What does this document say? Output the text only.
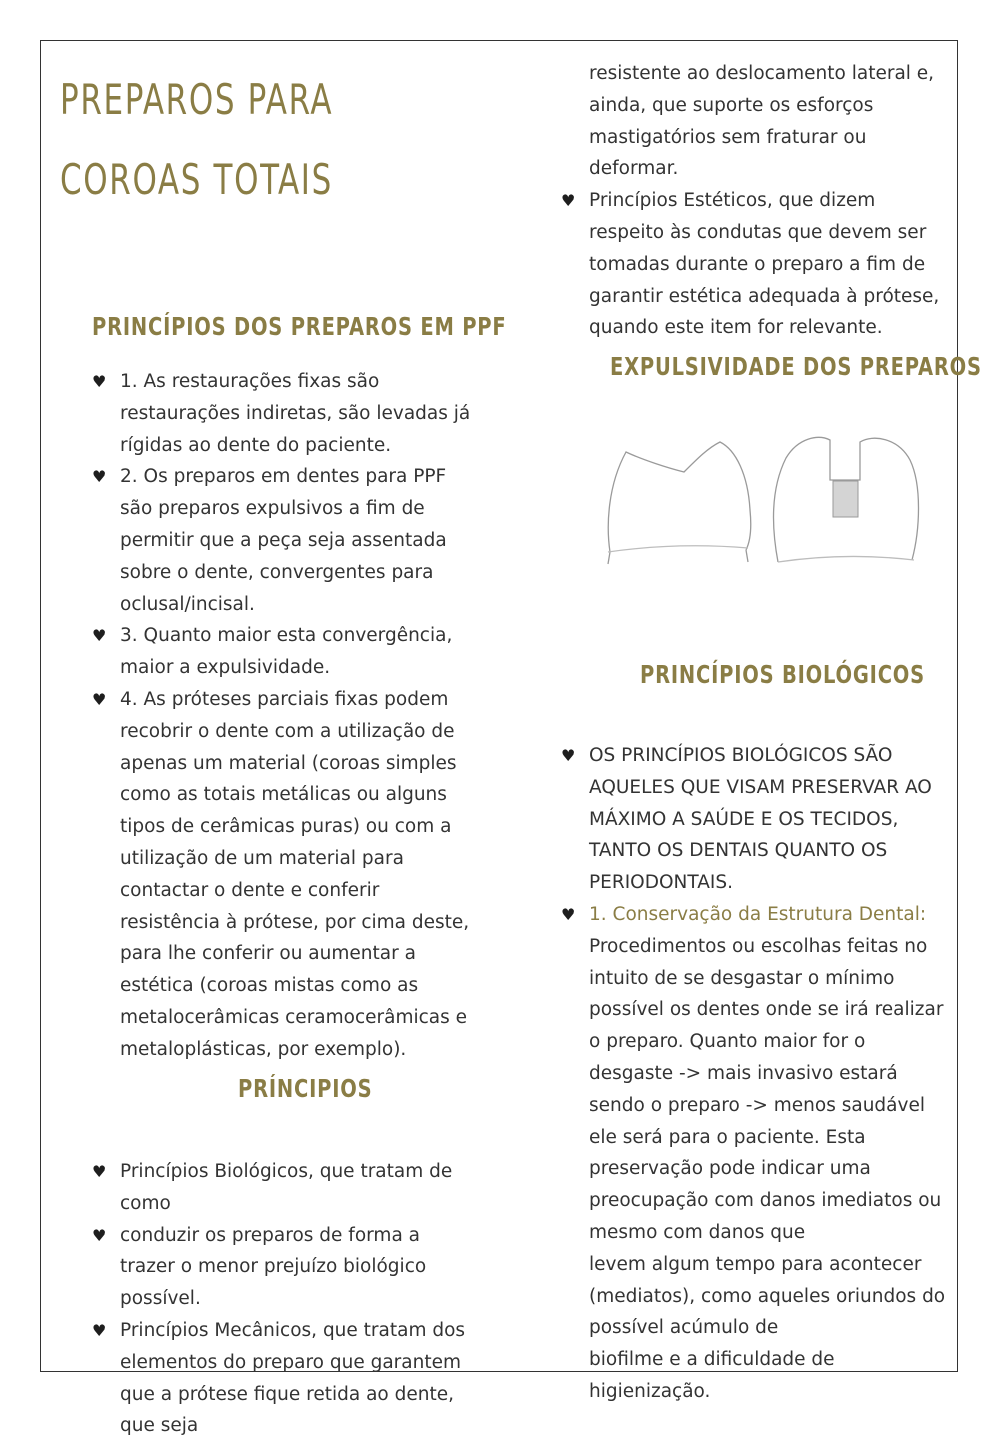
PREPAROS PARA
COROAS TOTAIS
PRINCÍPIOS DOS PREPAROS EM PPF
♥ 1. As restaurações fixas são restaurações indiretas, são levadas já rígidas ao dente do paciente.
♥ 2. Os preparos em dentes para PPF são preparos expulsivos a fim de permitir que a peça seja assentada sobre o dente, convergentes para oclusal/incisal.
♥ 3. Quanto maior esta convergência, maior a expulsividade.
♥ 4. As próteses parciais fixas podem recobrir o dente com a utilização de apenas um material (coroas simples como as totais metálicas ou alguns tipos de cerâmicas puras) ou com a utilização de um material para contactar o dente e conferir resistência à prótese, por cima deste, para lhe conferir ou aumentar a estética (coroas mistas como as metalocerâmicas ceramocerâmicas e metaloplásticas, por exemplo).
PRÍNCIPIOS
♥ Princípios Biológicos, que tratam de como
♥ conduzir os preparos de forma a trazer o menor prejuízo biológico possível.
♥ Princípios Mecânicos, que tratam dos elementos do preparo que garantem que a prótese fique retida ao dente, que seja
resistente ao deslocamento lateral e, ainda, que suporte os esforços mastigatórios sem fraturar ou deformar.
♥ Princípios Estéticos, que dizem respeito às condutas que devem ser tomadas durante o preparo a fim de garantir estética adequada à prótese, quando este item for relevante.
EXPULSIVIDADE DOS PREPAROS
PRINCÍPIOS BIOLÓGICOS
♥ OS PRINCÍPIOS BIOLÓGICOS SÃO AQUELES QUE VISAM PRESERVAR AO MÁXIMO A SAÚDE E OS TECIDOS, TANTO OS DENTAIS QUANTO OS PERIODONTAIS.
♥ 1. Conservação da Estrutura Dental:
Procedimentos ou escolhas feitas no intuito de se desgastar o mínimo possível os dentes onde se irá realizar o preparo. Quanto maior for o desgaste -> mais invasivo estará sendo o preparo -> menos saudável ele será para o paciente. Esta preservação pode indicar uma preocupação com danos imediatos ou mesmo com danos que
levem algum tempo para acontecer (mediatos), como aqueles oriundos do possível acúmulo de
biofilme e a dificuldade de higienização.
